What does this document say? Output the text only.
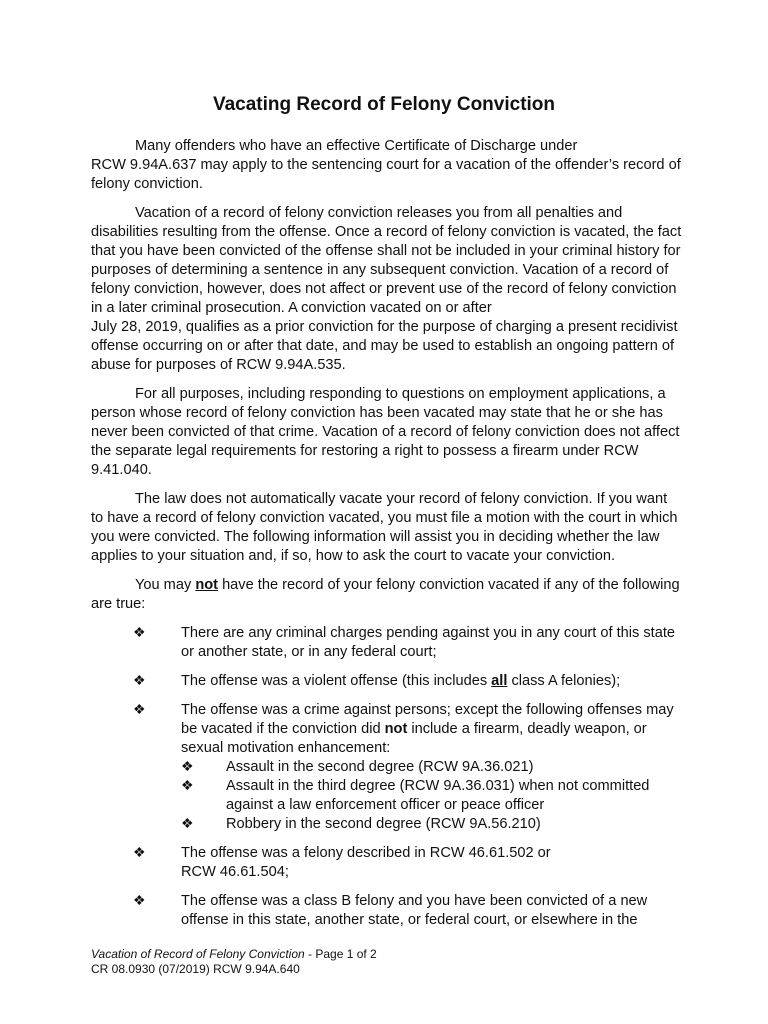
Vacating Record of Felony Conviction

Many offenders who have an effective Certificate of Discharge under
RCW 9.94A.637 may apply to the sentencing court for a vacation of the offender’s record of felony conviction.

Vacation of a record of felony conviction releases you from all penalties and disabilities resulting from the offense. Once a record of felony conviction is vacated, the fact that you have been convicted of the offense shall not be included in your criminal history for purposes of determining a sentence in any subsequent conviction. Vacation of a record of felony conviction, however, does not affect or prevent use of the record of felony conviction in a later criminal prosecution. A conviction vacated on or after
July 28, 2019, qualifies as a prior conviction for the purpose of charging a present recidivist offense occurring on or after that date, and may be used to establish an ongoing pattern of abuse for purposes of RCW 9.94A.535.

For all purposes, including responding to questions on employment applications, a person whose record of felony conviction has been vacated may state that he or she has never been convicted of that crime. Vacation of a record of felony conviction does not affect the separate legal requirements for restoring a right to possess a firearm under RCW 9.41.040.

The law does not automatically vacate your record of felony conviction. If you want to have a record of felony conviction vacated, you must file a motion with the court in which you were convicted. The following information will assist you in deciding whether the law applies to your situation and, if so, how to ask the court to vacate your conviction.

You may not have the record of your felony conviction vacated if any of the following are true:

❖ There are any criminal charges pending against you in any court of this state or another state, or in any federal court;
❖ The offense was a violent offense (this includes all class A felonies);
❖ The offense was a crime against persons; except the following offenses may be vacated if the conviction did not include a firearm, deadly weapon, or sexual motivation enhancement:
❖ Assault in the second degree (RCW 9A.36.021)
❖ Assault in the third degree (RCW 9A.36.031) when not committed against a law enforcement officer or peace officer
❖ Robbery in the second degree (RCW 9A.56.210)
❖ The offense was a felony described in RCW 46.61.502 or
RCW 46.61.504;
❖ The offense was a class B felony and you have been convicted of a new offense in this state, another state, or federal court, or elsewhere in the
Vacation of Record of Felony Conviction - Page 1 of 2
CR 08.0930 (07/2019) RCW 9.94A.640
